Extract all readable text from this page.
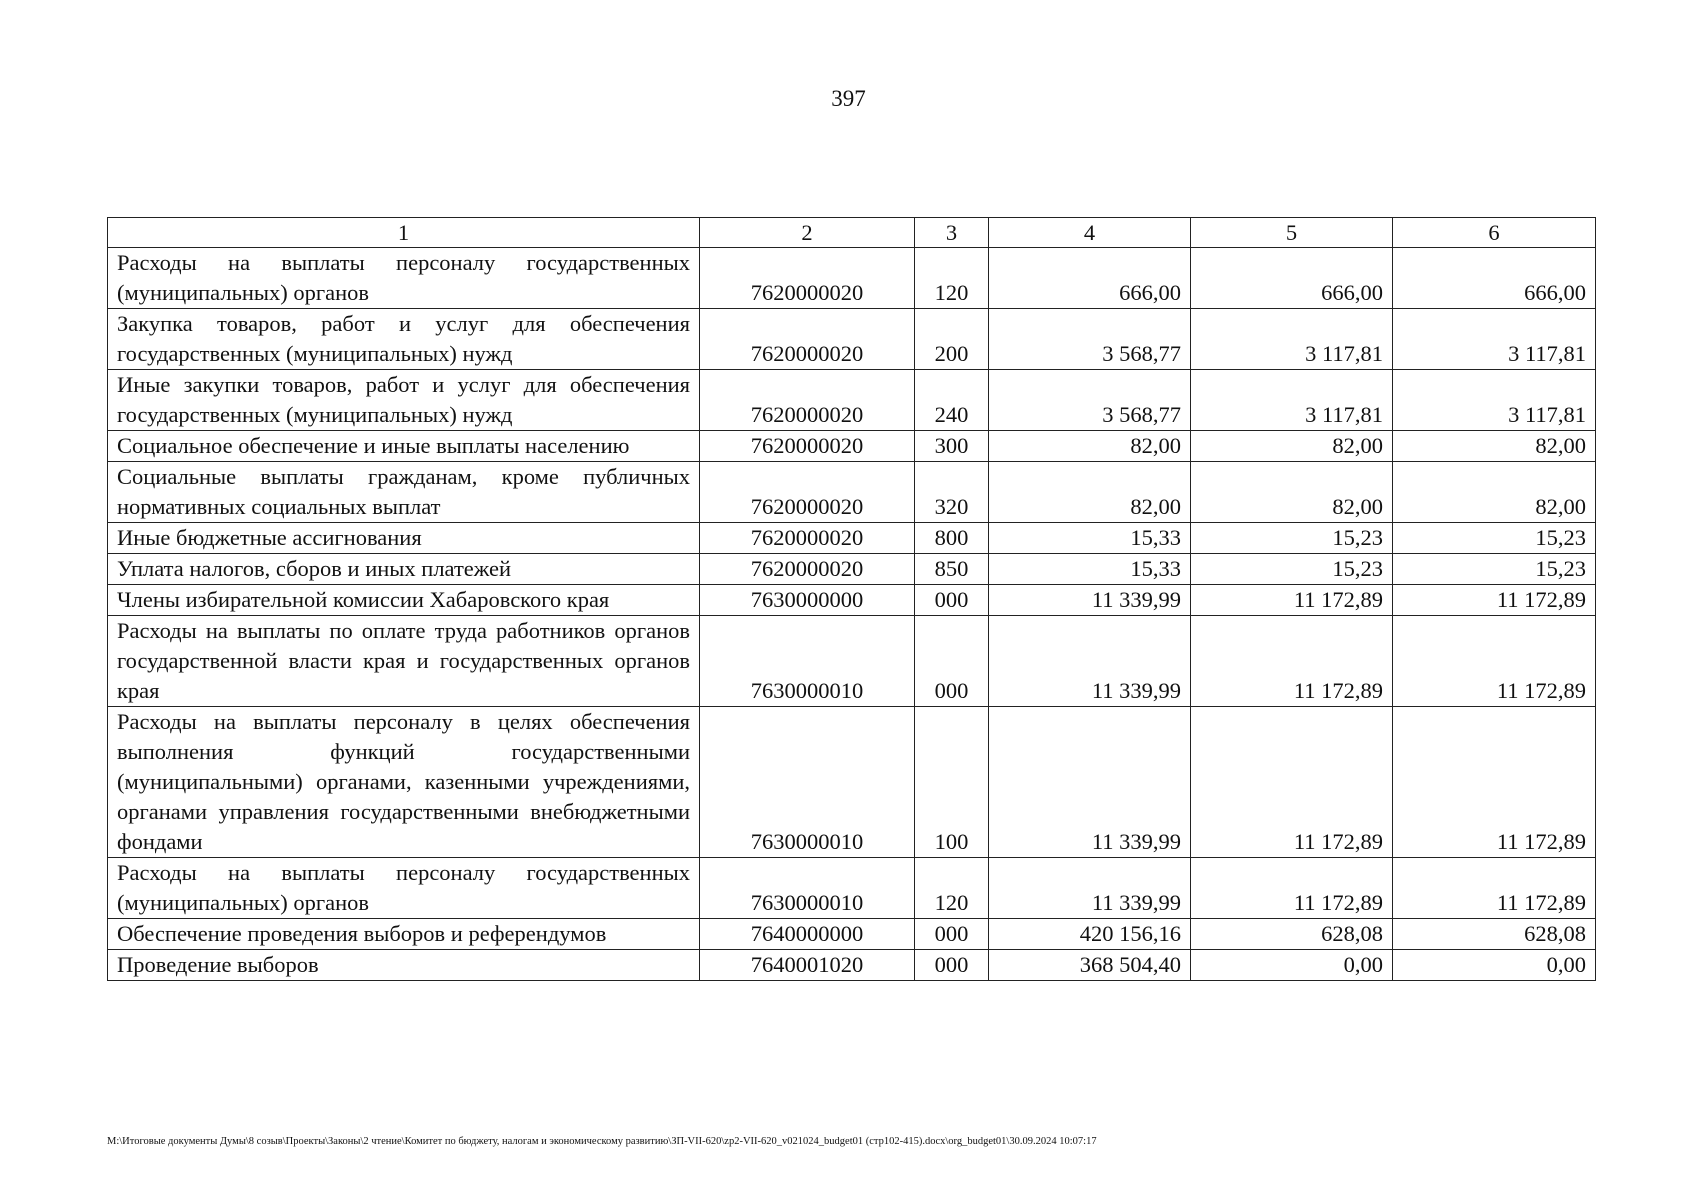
397
1	2	3	4	5	6
Расходы на выплаты персоналу государственных (муниципальных) органов	7620000020	120	666,00	666,00	666,00
Закупка товаров, работ и услуг для обеспечения государственных (муниципальных) нужд	7620000020	200	3 568,77	3 117,81	3 117,81
Иные закупки товаров, работ и услуг для обеспечения государственных (муниципальных) нужд	7620000020	240	3 568,77	3 117,81	3 117,81
Социальное обеспечение и иные выплаты населению	7620000020	300	82,00	82,00	82,00
Социальные выплаты гражданам, кроме публичных нормативных социальных выплат	7620000020	320	82,00	82,00	82,00
Иные бюджетные ассигнования	7620000020	800	15,33	15,23	15,23
Уплата налогов, сборов и иных платежей	7620000020	850	15,33	15,23	15,23
Члены избирательной комиссии Хабаровского края	7630000000	000	11 339,99	11 172,89	11 172,89
Расходы на выплаты по оплате труда работников органов государственной власти края и государственных органов края	7630000010	000	11 339,99	11 172,89	11 172,89
Расходы на выплаты персоналу в целях обеспечения выполнения функций государственными (муниципальными) органами, казенными учреждениями, органами управления государственными внебюджетными фондами	7630000010	100	11 339,99	11 172,89	11 172,89
Расходы на выплаты персоналу государственных (муниципальных) органов	7630000010	120	11 339,99	11 172,89	11 172,89
Обеспечение проведения выборов и референдумов	7640000000	000	420 156,16	628,08	628,08
Проведение выборов	7640001020	000	368 504,40	0,00	0,00
M:\Итоговые документы Думы\8 созыв\Проекты\Законы\2 чтение\Комитет по бюджету, налогам и экономическому развитию\ЗП-VII-620\zp2-VII-620_v021024_budget01 (стр102-415).docx\org_budget01\30.09.2024 10:07:17
